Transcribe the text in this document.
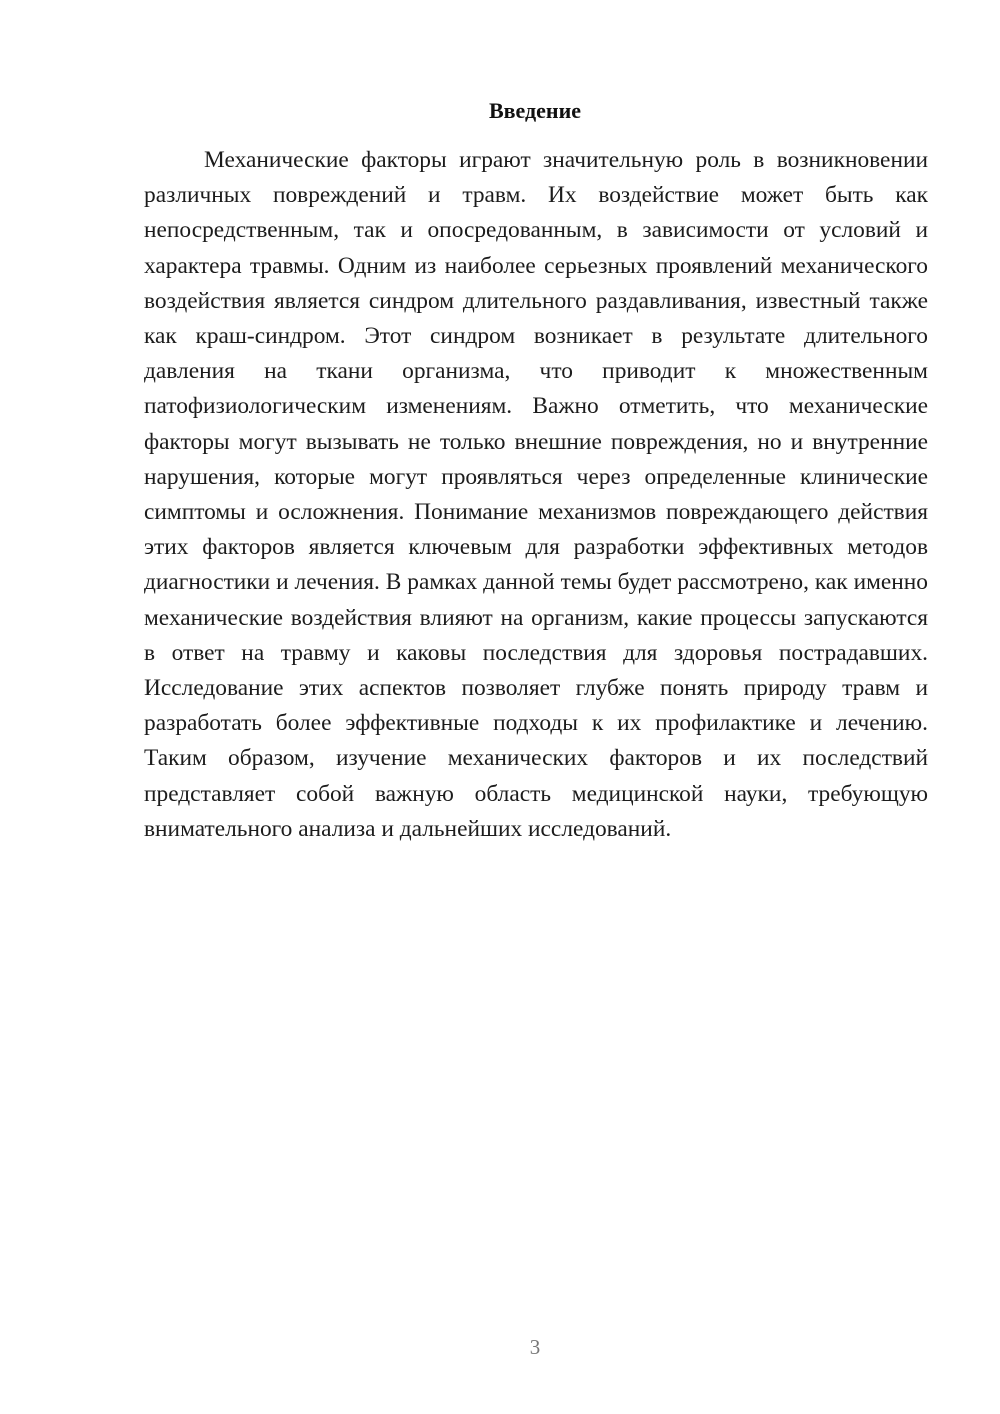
Введение

Механические факторы играют значительную роль в возникновении различных повреждений и травм. Их воздействие может быть как непосредственным, так и опосредованным, в зависимости от условий и характера травмы. Одним из наиболее серьезных проявлений механического воздействия является синдром длительного раздавливания, известный также как краш-синдром. Этот синдром возникает в результате длительного давления на ткани организма, что приводит к множественным патофизиологическим изменениям. Важно отметить, что механические факторы могут вызывать не только внешние повреждения, но и внутренние нарушения, которые могут проявляться через определенные клинические симптомы и осложнения. Понимание механизмов повреждающего действия этих факторов является ключевым для разработки эффективных методов диагностики и лечения. В рамках данной темы будет рассмотрено, как именно механические воздействия влияют на организм, какие процессы запускаются в ответ на травму и каковы последствия для здоровья пострадавших. Исследование этих аспектов позволяет глубже понять природу травм и разработать более эффективные подходы к их профилактике и лечению. Таким образом, изучение механических факторов и их последствий представляет собой важную область медицинской науки, требующую внимательного анализа и дальнейших исследований.

3
